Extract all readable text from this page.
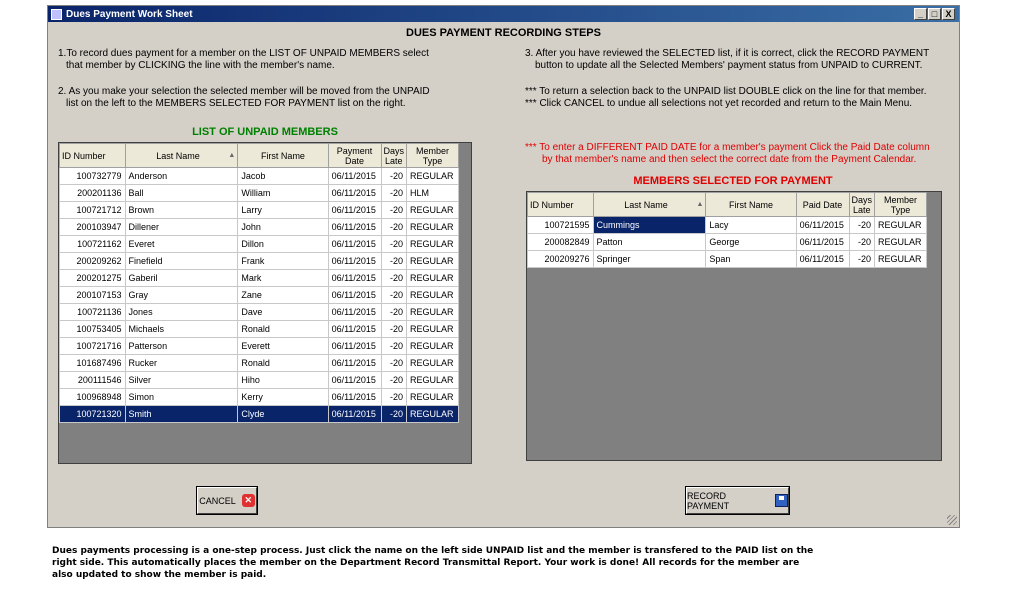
Dues Payment Work Sheet	_ □ X
DUES PAYMENT RECORDING STEPS
1.To record dues payment for a member on the LIST OF UNPAID MEMBERS select
that member by CLICKING the line with the member's name.
2. As you make your selection the selected member will be moved from the UNPAID
list on the left to the MEMBERS SELECTED FOR PAYMENT list on the right.
3. After you have reviewed the SELECTED list, if it is correct, click the RECORD PAYMENT
button to update all the Selected Members' payment status from UNPAID to CURRENT.
*** To return a selection back to the UNPAID list DOUBLE click on the line for that member.
*** Click CANCEL to undue all selections not yet recorded and return to the Main Menu.
*** To enter a DIFFERENT PAID DATE for a member's payment Click the Paid Date column
by that member's name and then select the correct date from the Payment Calendar.
LIST OF UNPAID MEMBERS
ID Number	Last Name ▲	First Name	Payment Date	Days Late	Member Type
100732779	Anderson	Jacob	06/11/2015	-20	REGULAR
200201136	Ball	William	06/11/2015	-20	HLM
100721712	Brown	Larry	06/11/2015	-20	REGULAR
200103947	Dillener	John	06/11/2015	-20	REGULAR
100721162	Everet	Dillon	06/11/2015	-20	REGULAR
200209262	Finefield	Frank	06/11/2015	-20	REGULAR
200201275	Gaberil	Mark	06/11/2015	-20	REGULAR
200107153	Gray	Zane	06/11/2015	-20	REGULAR
100721136	Jones	Dave	06/11/2015	-20	REGULAR
100753405	Michaels	Ronald	06/11/2015	-20	REGULAR
100721716	Patterson	Everett	06/11/2015	-20	REGULAR
101687496	Rucker	Ronald	06/11/2015	-20	REGULAR
200111546	Silver	Hiho	06/11/2015	-20	REGULAR
100968948	Simon	Kerry	06/11/2015	-20	REGULAR
100721320	Smith	Clyde	06/11/2015	-20	REGULAR
MEMBERS SELECTED FOR PAYMENT
ID Number	Last Name ▲	First Name	Paid Date	Days Late	Member Type
100721595	Cummings	Lacy	06/11/2015	-20	REGULAR
200082849	Patton	George	06/11/2015	-20	REGULAR
200209276	Springer	Span	06/11/2015	-20	REGULAR
CANCEL ✕	RECORD PAYMENT
Dues payments processing is a one-step process. Just click the name on the left side UNPAID list and the member is transfered to the PAID list on the
right side. This automatically places the member on the Department Record Transmittal Report. Your work is done! All records for the member are
also updated to show the member is paid.
